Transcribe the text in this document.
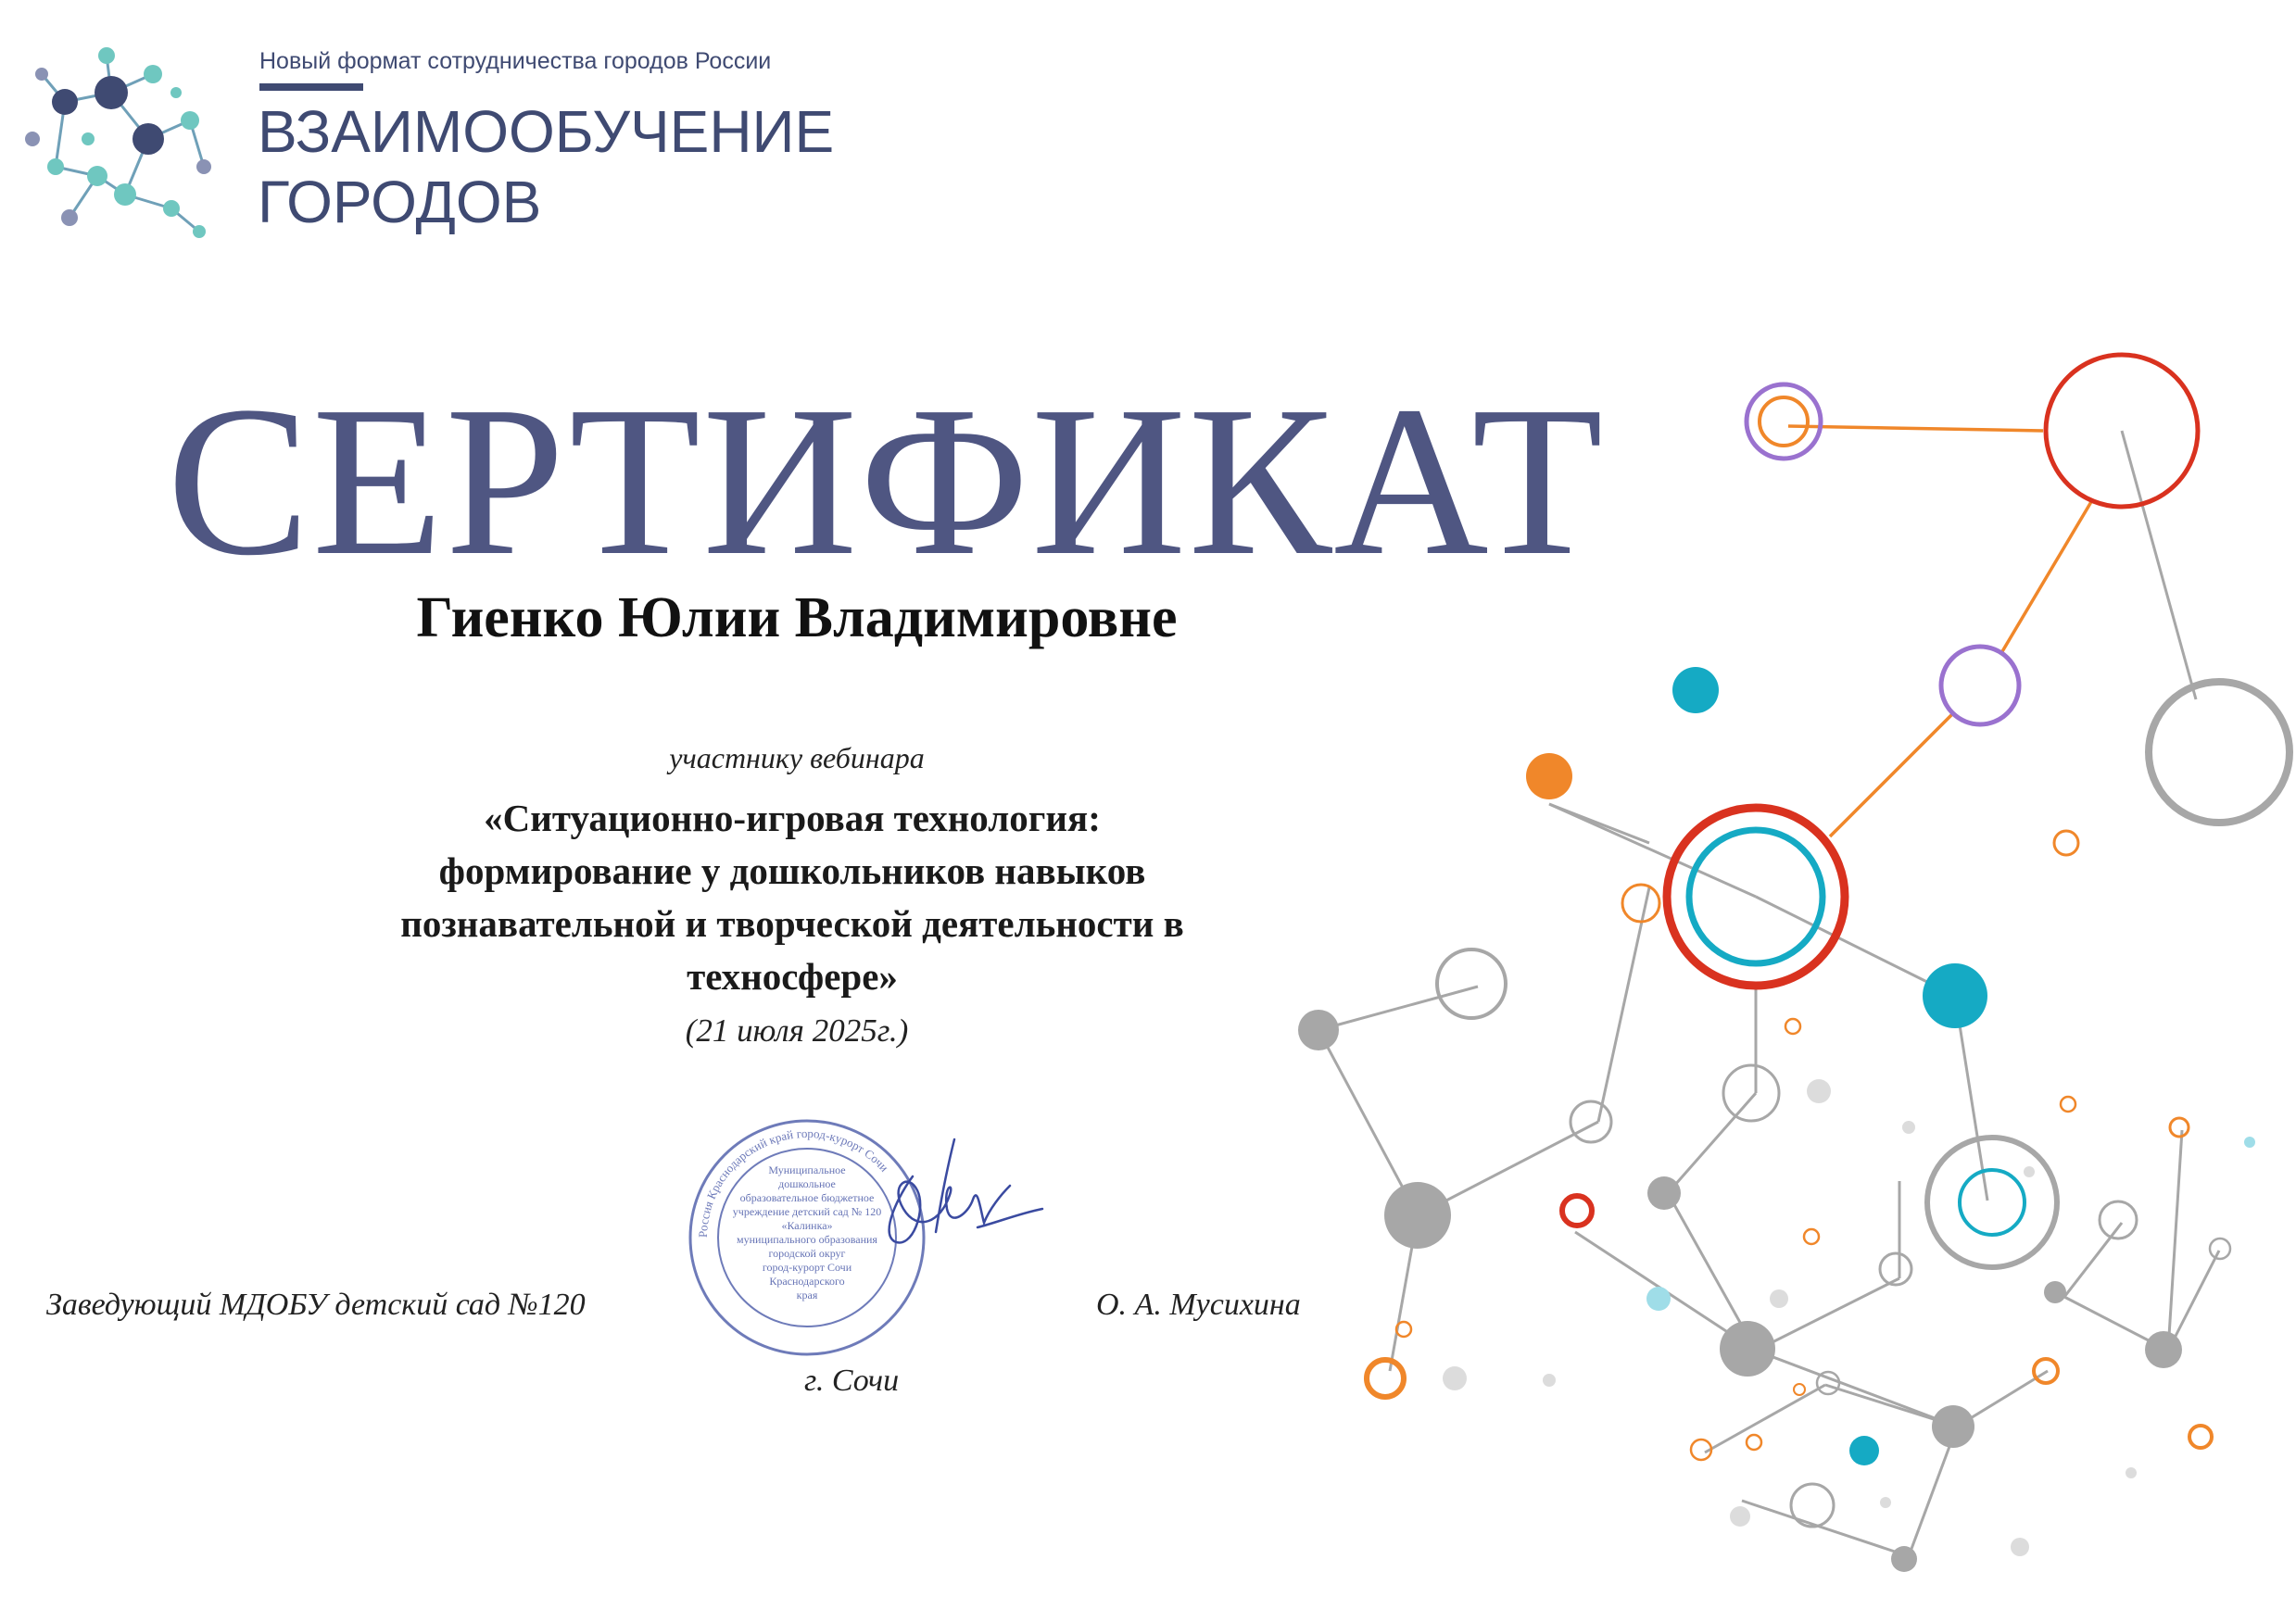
Новый формат сотрудничества городов России
ВЗАИМООБУЧЕНИЕ
ГОРОДОВ
СЕРТИФИКАТ
Гиенко Юлии Владимировне
участнику вебинара
«Ситуационно-игровая технология:
формирование у дошкольников навыков
познавательной и творческой деятельности в
техносфере»
(21 июля 2025г.)
Россия Краснодарский край город-курорт Сочи
Муниципальное
дошкольное
образовательное бюджетное
учреждение детский сад № 120
«Калинка»
муниципального образования
городской округ
город-курорт Сочи
Краснодарского
края
Заведующий МДОБУ детский сад №120	О. А. Мусихина
г. Сочи
